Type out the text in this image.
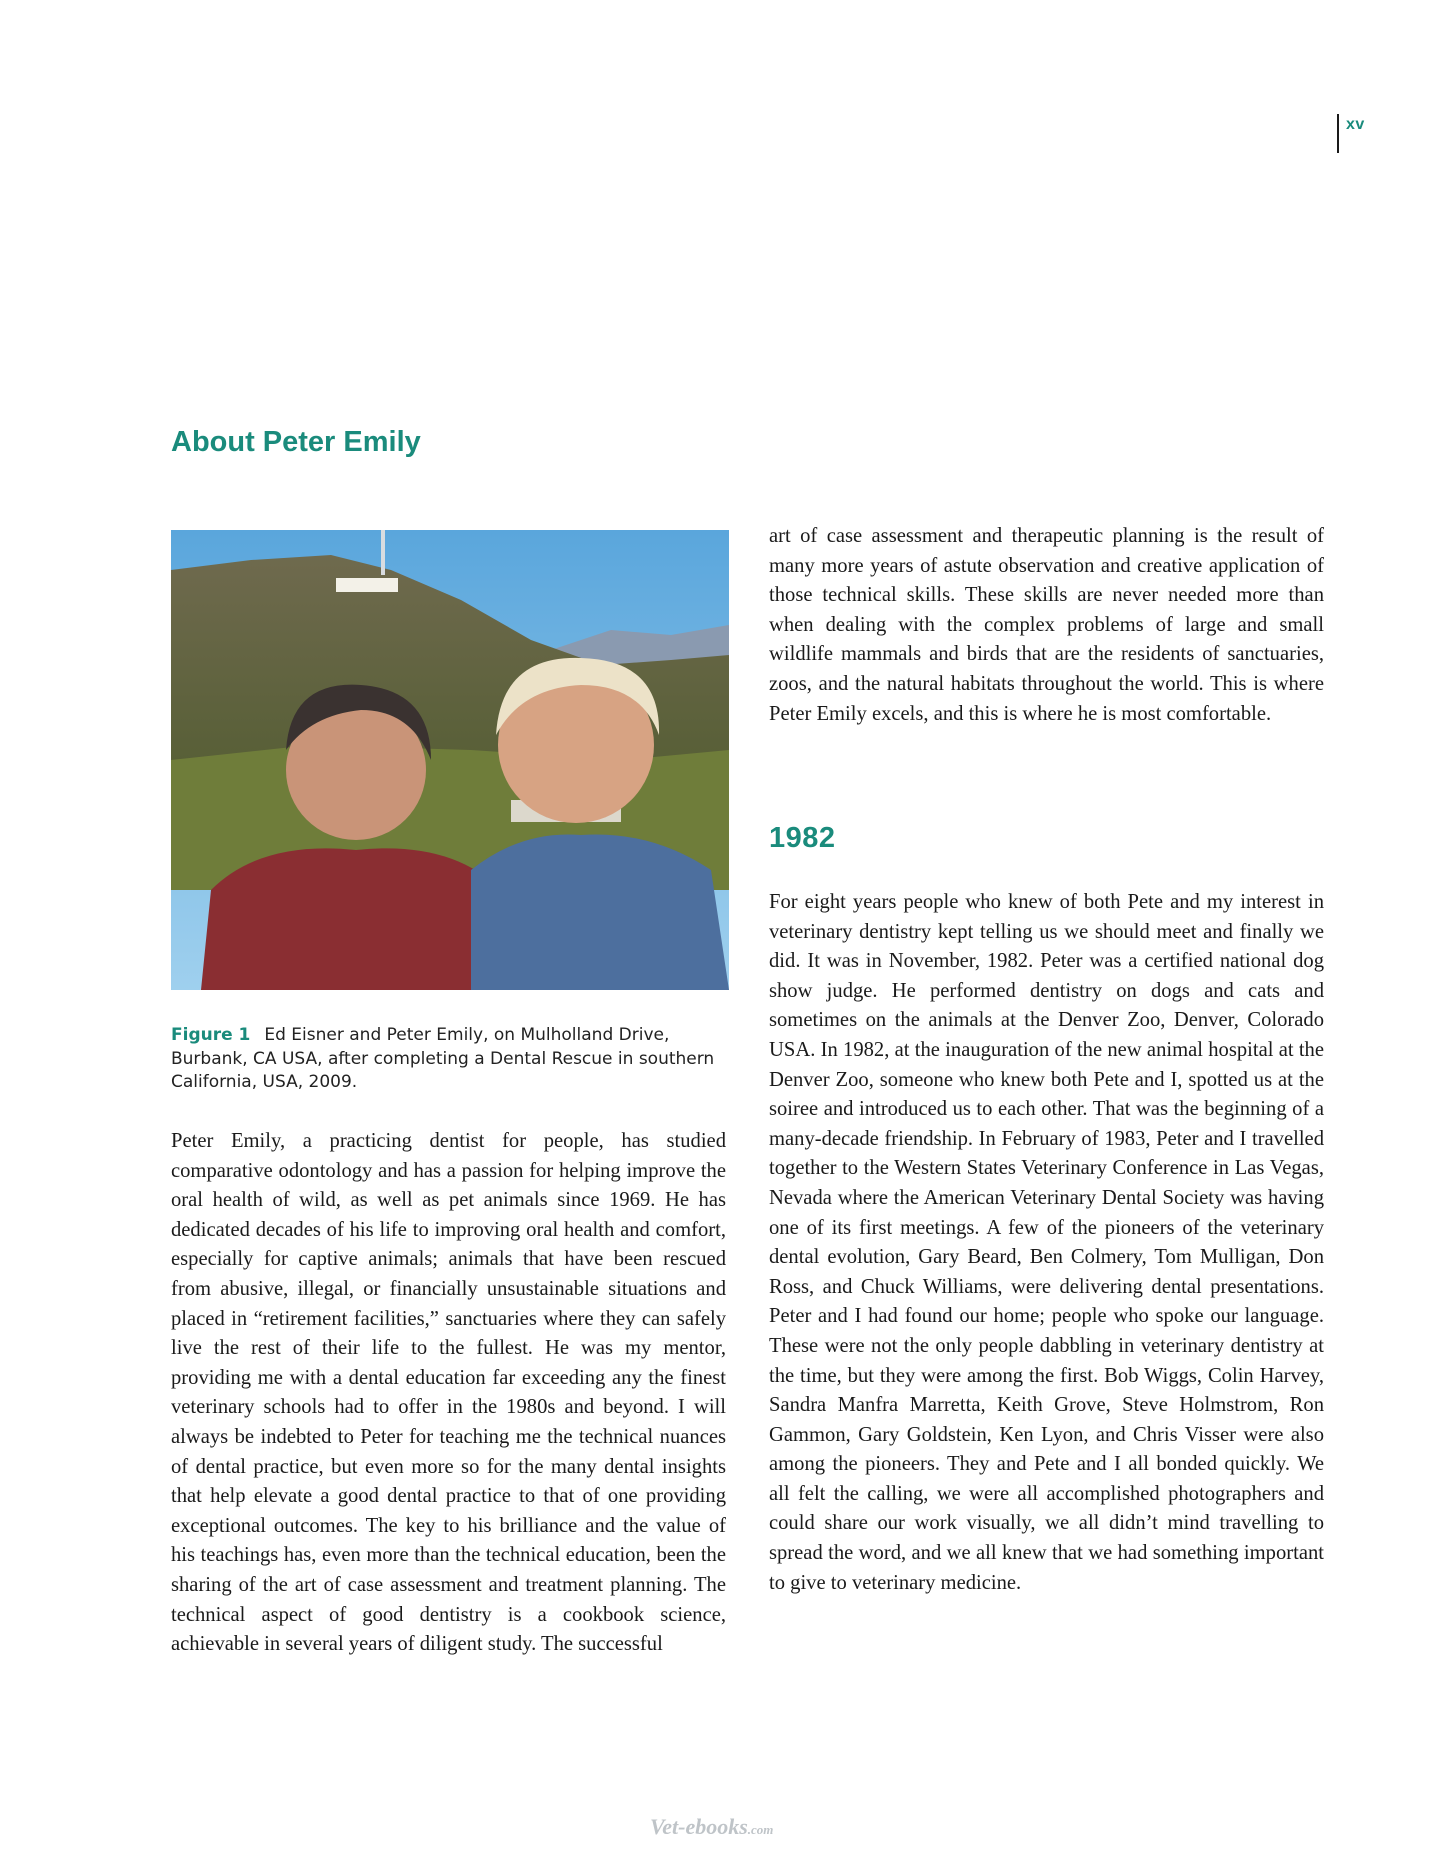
xv
About Peter Emily
Figure 1 Ed Eisner and Peter Emily, on Mulholland Drive, Burbank, CA USA, after completing a Dental Rescue in southern California, USA, 2009.

Peter Emily, a practicing dentist for people, has studied comparative odontology and has a passion for helping improve the oral health of wild, as well as pet animals since 1969. He has dedicated decades of his life to improving oral health and comfort, especially for captive animals; animals that have been rescued from abusive, illegal, or financially unsustainable situations and placed in “retirement facilities,” sanctuaries where they can safely live the rest of their life to the fullest. He was my mentor, providing me with a dental education far exceeding any the finest veterinary schools had to offer in the 1980s and beyond. I will always be indebted to Peter for teaching me the technical nuances of dental practice, but even more so for the many dental insights that help elevate a good dental practice to that of one providing exceptional outcomes. The key to his brilliance and the value of his teachings has, even more than the technical education, been the sharing of the art of case assessment and treatment planning. The technical aspect of good dentistry is a cookbook science, achievable in several years of diligent study. The successful

art of case assessment and therapeutic planning is the result of many more years of astute observation and creative application of those technical skills. These skills are never needed more than when dealing with the complex problems of large and small wildlife mammals and birds that are the residents of sanctuaries, zoos, and the natural habitats throughout the world. This is where Peter Emily excels, and this is where he is most comfortable.

1982

For eight years people who knew of both Pete and my interest in veterinary dentistry kept telling us we should meet and finally we did. It was in November, 1982. Peter was a certified national dog show judge. He performed dentistry on dogs and cats and sometimes on the animals at the Denver Zoo, Denver, Colorado USA. In 1982, at the inauguration of the new animal hospital at the Denver Zoo, someone who knew both Pete and I, spotted us at the soiree and introduced us to each other. That was the beginning of a many-decade friendship. In February of 1983, Peter and I travelled together to the Western States Veterinary Conference in Las Vegas, Nevada where the American Veterinary Dental Society was having one of its first meetings. A few of the pioneers of the veterinary dental evolution, Gary Beard, Ben Colmery, Tom Mulligan, Don Ross, and Chuck Williams, were delivering dental presentations. Peter and I had found our home; people who spoke our language. These were not the only people dabbling in veterinary dentistry at the time, but they were among the first. Bob Wiggs, Colin Harvey, Sandra Manfra Marretta, Keith Grove, Steve Holmstrom, Ron Gammon, Gary Goldstein, Ken Lyon, and Chris Visser were also among the pioneers. They and Pete and I all bonded quickly. We all felt the calling, we were all accomplished photographers and could share our work visually, we all didn’t mind travelling to spread the word, and we all knew that we had something important to give to veterinary medicine.

Vet-ebooks.com
